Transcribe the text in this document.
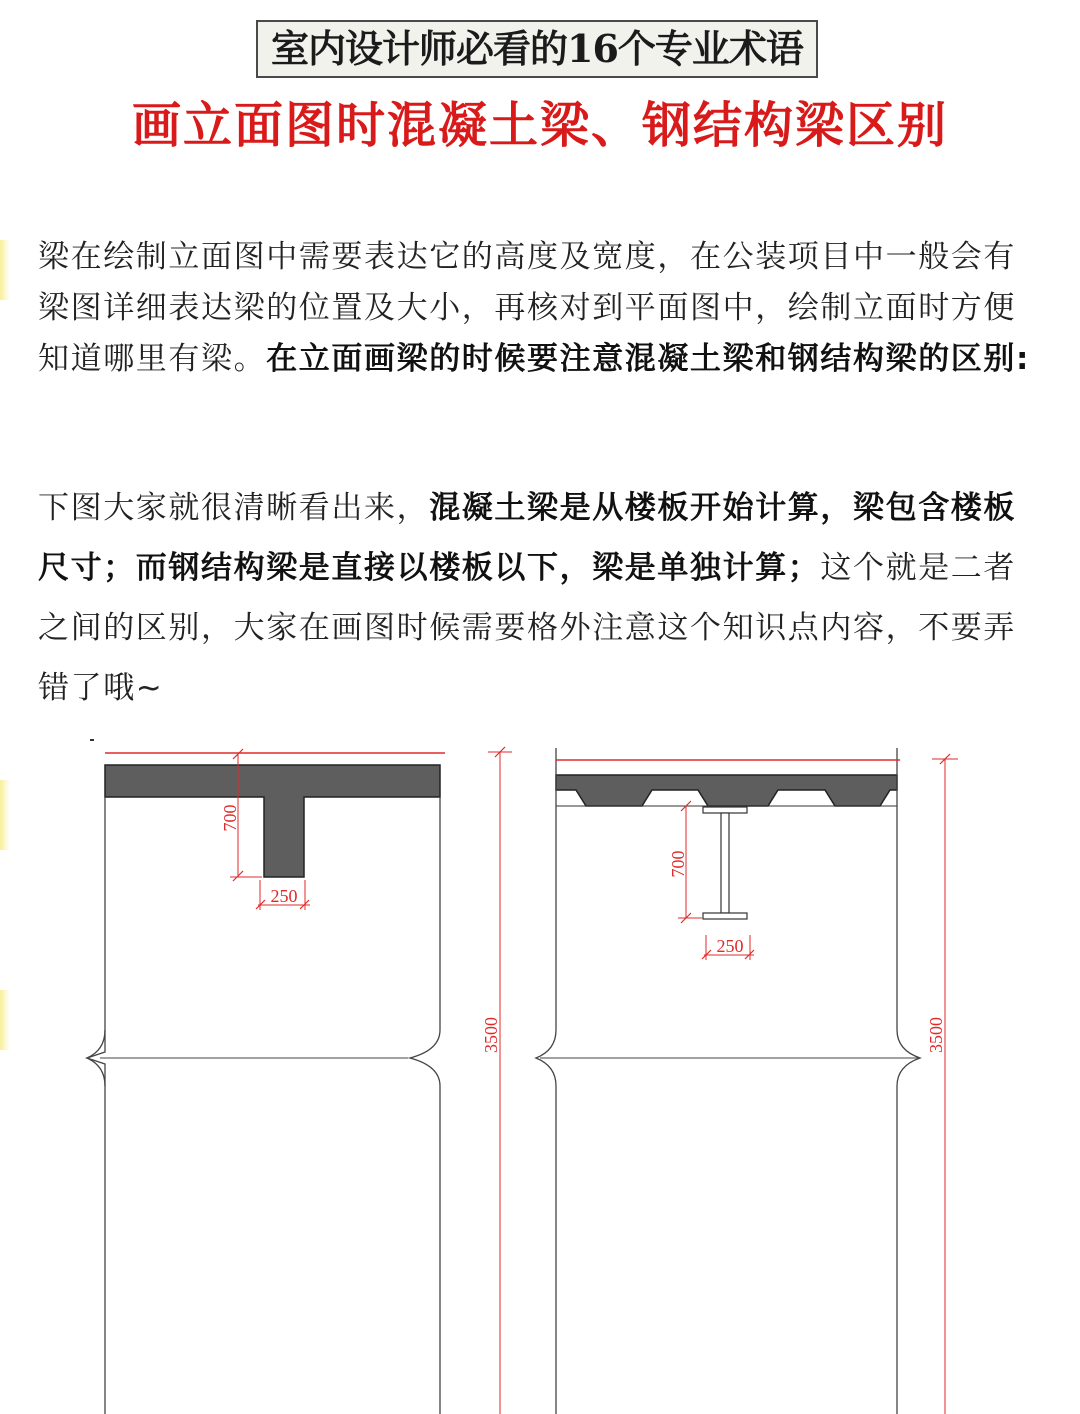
室内设计师必看的16个专业术语
画立面图时混凝土梁、钢结构梁区别

梁在绘制立面图中需要表达它的高度及宽度，在公装项目中一般会有梁图详细表达梁的位置及大小，再核对到平面图中，绘制立面时方便知道哪里有梁。在立面画梁的时候要注意混凝土梁和钢结构梁的区别:

下图大家就很清晰看出来，混凝土梁是从楼板开始计算，梁包含楼板尺寸；而钢结构梁是直接以楼板以下，梁是单独计算；这个就是二者之间的区别，大家在画图时候需要格外注意这个知识点内容，不要弄错了哦~

700
250
3500
700
250
3500
